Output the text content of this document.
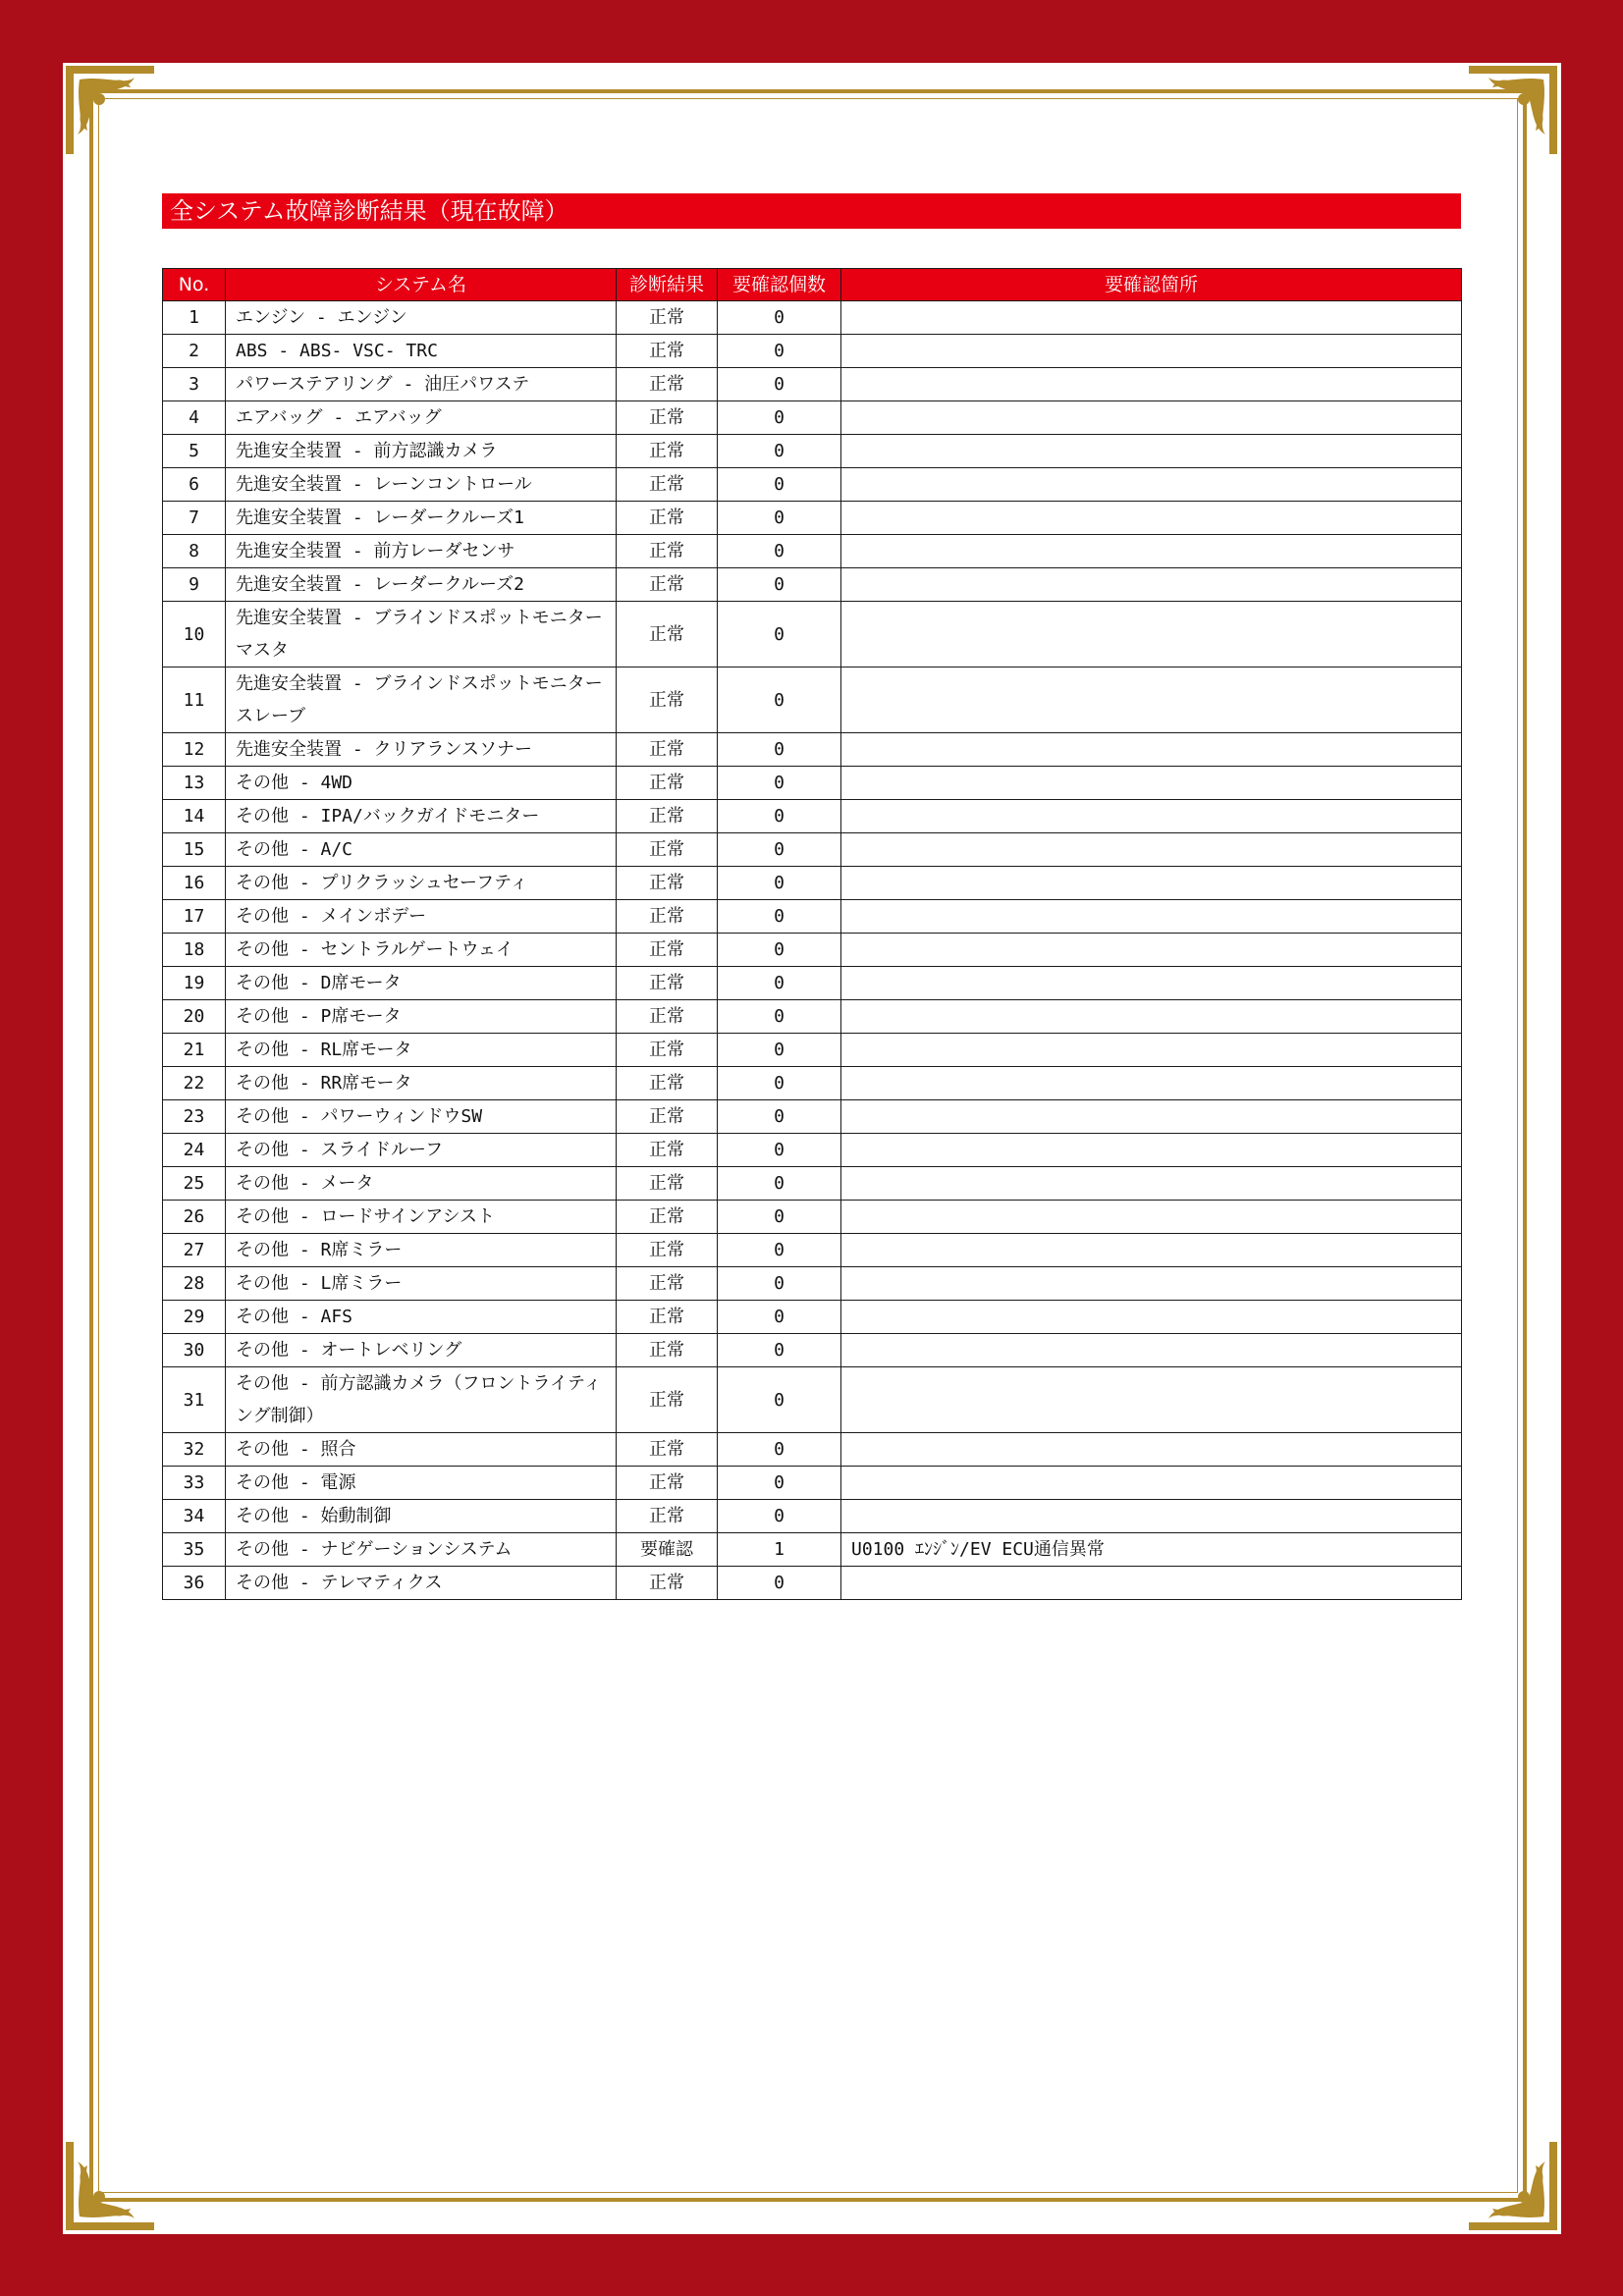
全システム故障診断結果（現在故障）
No.	システム名	診断結果	要確認個数	要確認箇所
1	エンジン - エンジン	正常	0	
2	ABS - ABS- VSC- TRC	正常	0	
3	パワーステアリング - 油圧パワステ	正常	0	
4	エアバッグ - エアバッグ	正常	0	
5	先進安全装置 - 前方認識カメラ	正常	0	
6	先進安全装置 - レーンコントロール	正常	0	
7	先進安全装置 - レーダークルーズ1	正常	0	
8	先進安全装置 - 前方レーダセンサ	正常	0	
9	先進安全装置 - レーダークルーズ2	正常	0	
10	先進安全装置 - ブラインドスポットモニター マスタ	正常	0	
11	先進安全装置 - ブラインドスポットモニター スレーブ	正常	0	
12	先進安全装置 - クリアランスソナー	正常	0	
13	その他 - 4WD	正常	0	
14	その他 - IPA/バックガイドモニター	正常	0	
15	その他 - A/C	正常	0	
16	その他 - プリクラッシュセーフティ	正常	0	
17	その他 - メインボデー	正常	0	
18	その他 - セントラルゲートウェイ	正常	0	
19	その他 - D席モータ	正常	0	
20	その他 - P席モータ	正常	0	
21	その他 - RL席モータ	正常	0	
22	その他 - RR席モータ	正常	0	
23	その他 - パワーウィンドウSW	正常	0	
24	その他 - スライドルーフ	正常	0	
25	その他 - メータ	正常	0	
26	その他 - ロードサインアシスト	正常	0	
27	その他 - R席ミラー	正常	0	
28	その他 - L席ミラー	正常	0	
29	その他 - AFS	正常	0	
30	その他 - オートレベリング	正常	0	
31	その他 - 前方認識カメラ（フロントライティング制御）	正常	0	
32	その他 - 照合	正常	0	
33	その他 - 電源	正常	0	
34	その他 - 始動制御	正常	0	
35	その他 - ナビゲーションシステム	要確認	1	U0100 ｴﾝｼﾞﾝ/EV ECU通信異常
36	その他 - テレマティクス	正常	0	
